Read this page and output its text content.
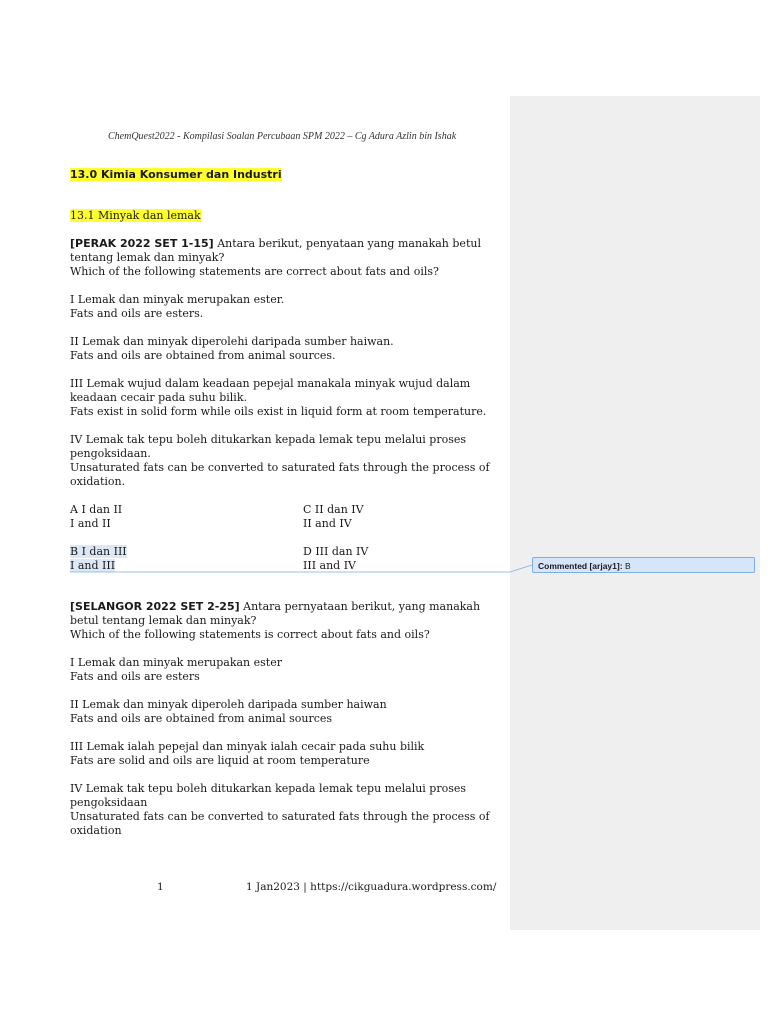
ChemQuest2022 - Kompilasi Soalan Percubaan SPM 2022 – Cg Adura Azlin bin Ishak
13.0 Kimia Konsumer dan Industri
13.1 Minyak dan lemak
[PERAK 2022 SET 1-15] Antara berikut, penyataan yang manakah betul
tentang lemak dan minyak?
Which of the following statements are correct about fats and oils?
I Lemak dan minyak merupakan ester.
Fats and oils are esters.
II Lemak dan minyak diperolehi daripada sumber haiwan.
Fats and oils are obtained from animal sources.
III Lemak wujud dalam keadaan pepejal manakala minyak wujud dalam
keadaan cecair pada suhu bilik.
Fats exist in solid form while oils exist in liquid form at room temperature.
IV Lemak tak tepu boleh ditukarkan kepada lemak tepu melalui proses
pengoksidaan.
Unsaturated fats can be converted to saturated fats through the process of
oxidation.
A I dan II
I and II
C II dan IV
II and IV
B I dan III
I and III
D III dan IV
III and IV
[SELANGOR 2022 SET 2-25] Antara pernyataan berikut, yang manakah
betul tentang lemak dan minyak?
Which of the following statements is correct about fats and oils?
I Lemak dan minyak merupakan ester
Fats and oils are esters
II Lemak dan minyak diperoleh daripada sumber haiwan
Fats and oils are obtained from animal sources
III Lemak ialah pepejal dan minyak ialah cecair pada suhu bilik
Fats are solid and oils are liquid at room temperature
IV Lemak tak tepu boleh ditukarkan kepada lemak tepu melalui proses
pengoksidaan
Unsaturated fats can be converted to saturated fats through the process of
oxidation
Commented [arjay1]: B
1	1 Jan2023 | https://cikguadura.wordpress.com/
